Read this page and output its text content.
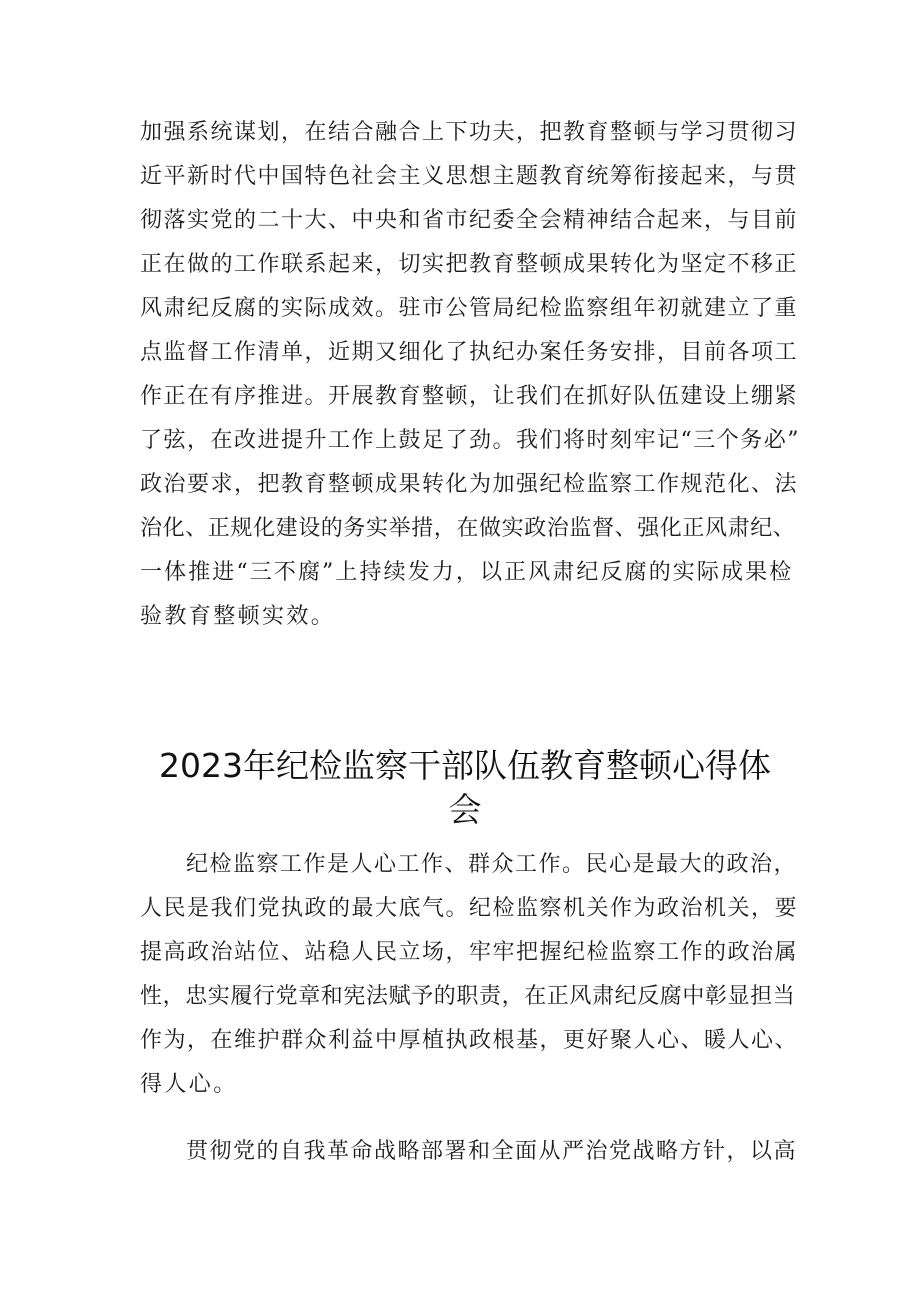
加强系统谋划，在结合融合上下功夫，把教育整顿与学习贯彻习
近平新时代中国特色社会主义思想主题教育统筹衔接起来，与贯
彻落实党的二十大、中央和省市纪委全会精神结合起来，与目前
正在做的工作联系起来，切实把教育整顿成果转化为坚定不移正
风肃纪反腐的实际成效。驻市公管局纪检监察组年初就建立了重
点监督工作清单，近期又细化了执纪办案任务安排，目前各项工
作正在有序推进。开展教育整顿，让我们在抓好队伍建设上绷紧
了弦，在改进提升工作上鼓足了劲。我们将时刻牢记“三个务必”
政治要求，把教育整顿成果转化为加强纪检监察工作规范化、法
治化、正规化建设的务实举措，在做实政治监督、强化正风肃纪、
一体推进“三不腐”上持续发力，以正风肃纪反腐的实际成果检
验教育整顿实效。
2023年纪检监察干部队伍教育整顿心得体
会
纪检监察工作是人心工作、群众工作。民心是最大的政治，
人民是我们党执政的最大底气。纪检监察机关作为政治机关，要
提高政治站位、站稳人民立场，牢牢把握纪检监察工作的政治属
性，忠实履行党章和宪法赋予的职责，在正风肃纪反腐中彰显担当
作为，在维护群众利益中厚植执政根基，更好聚人心、暖人心、
得人心。
贯彻党的自我革命战略部署和全面从严治党战略方针，以高
